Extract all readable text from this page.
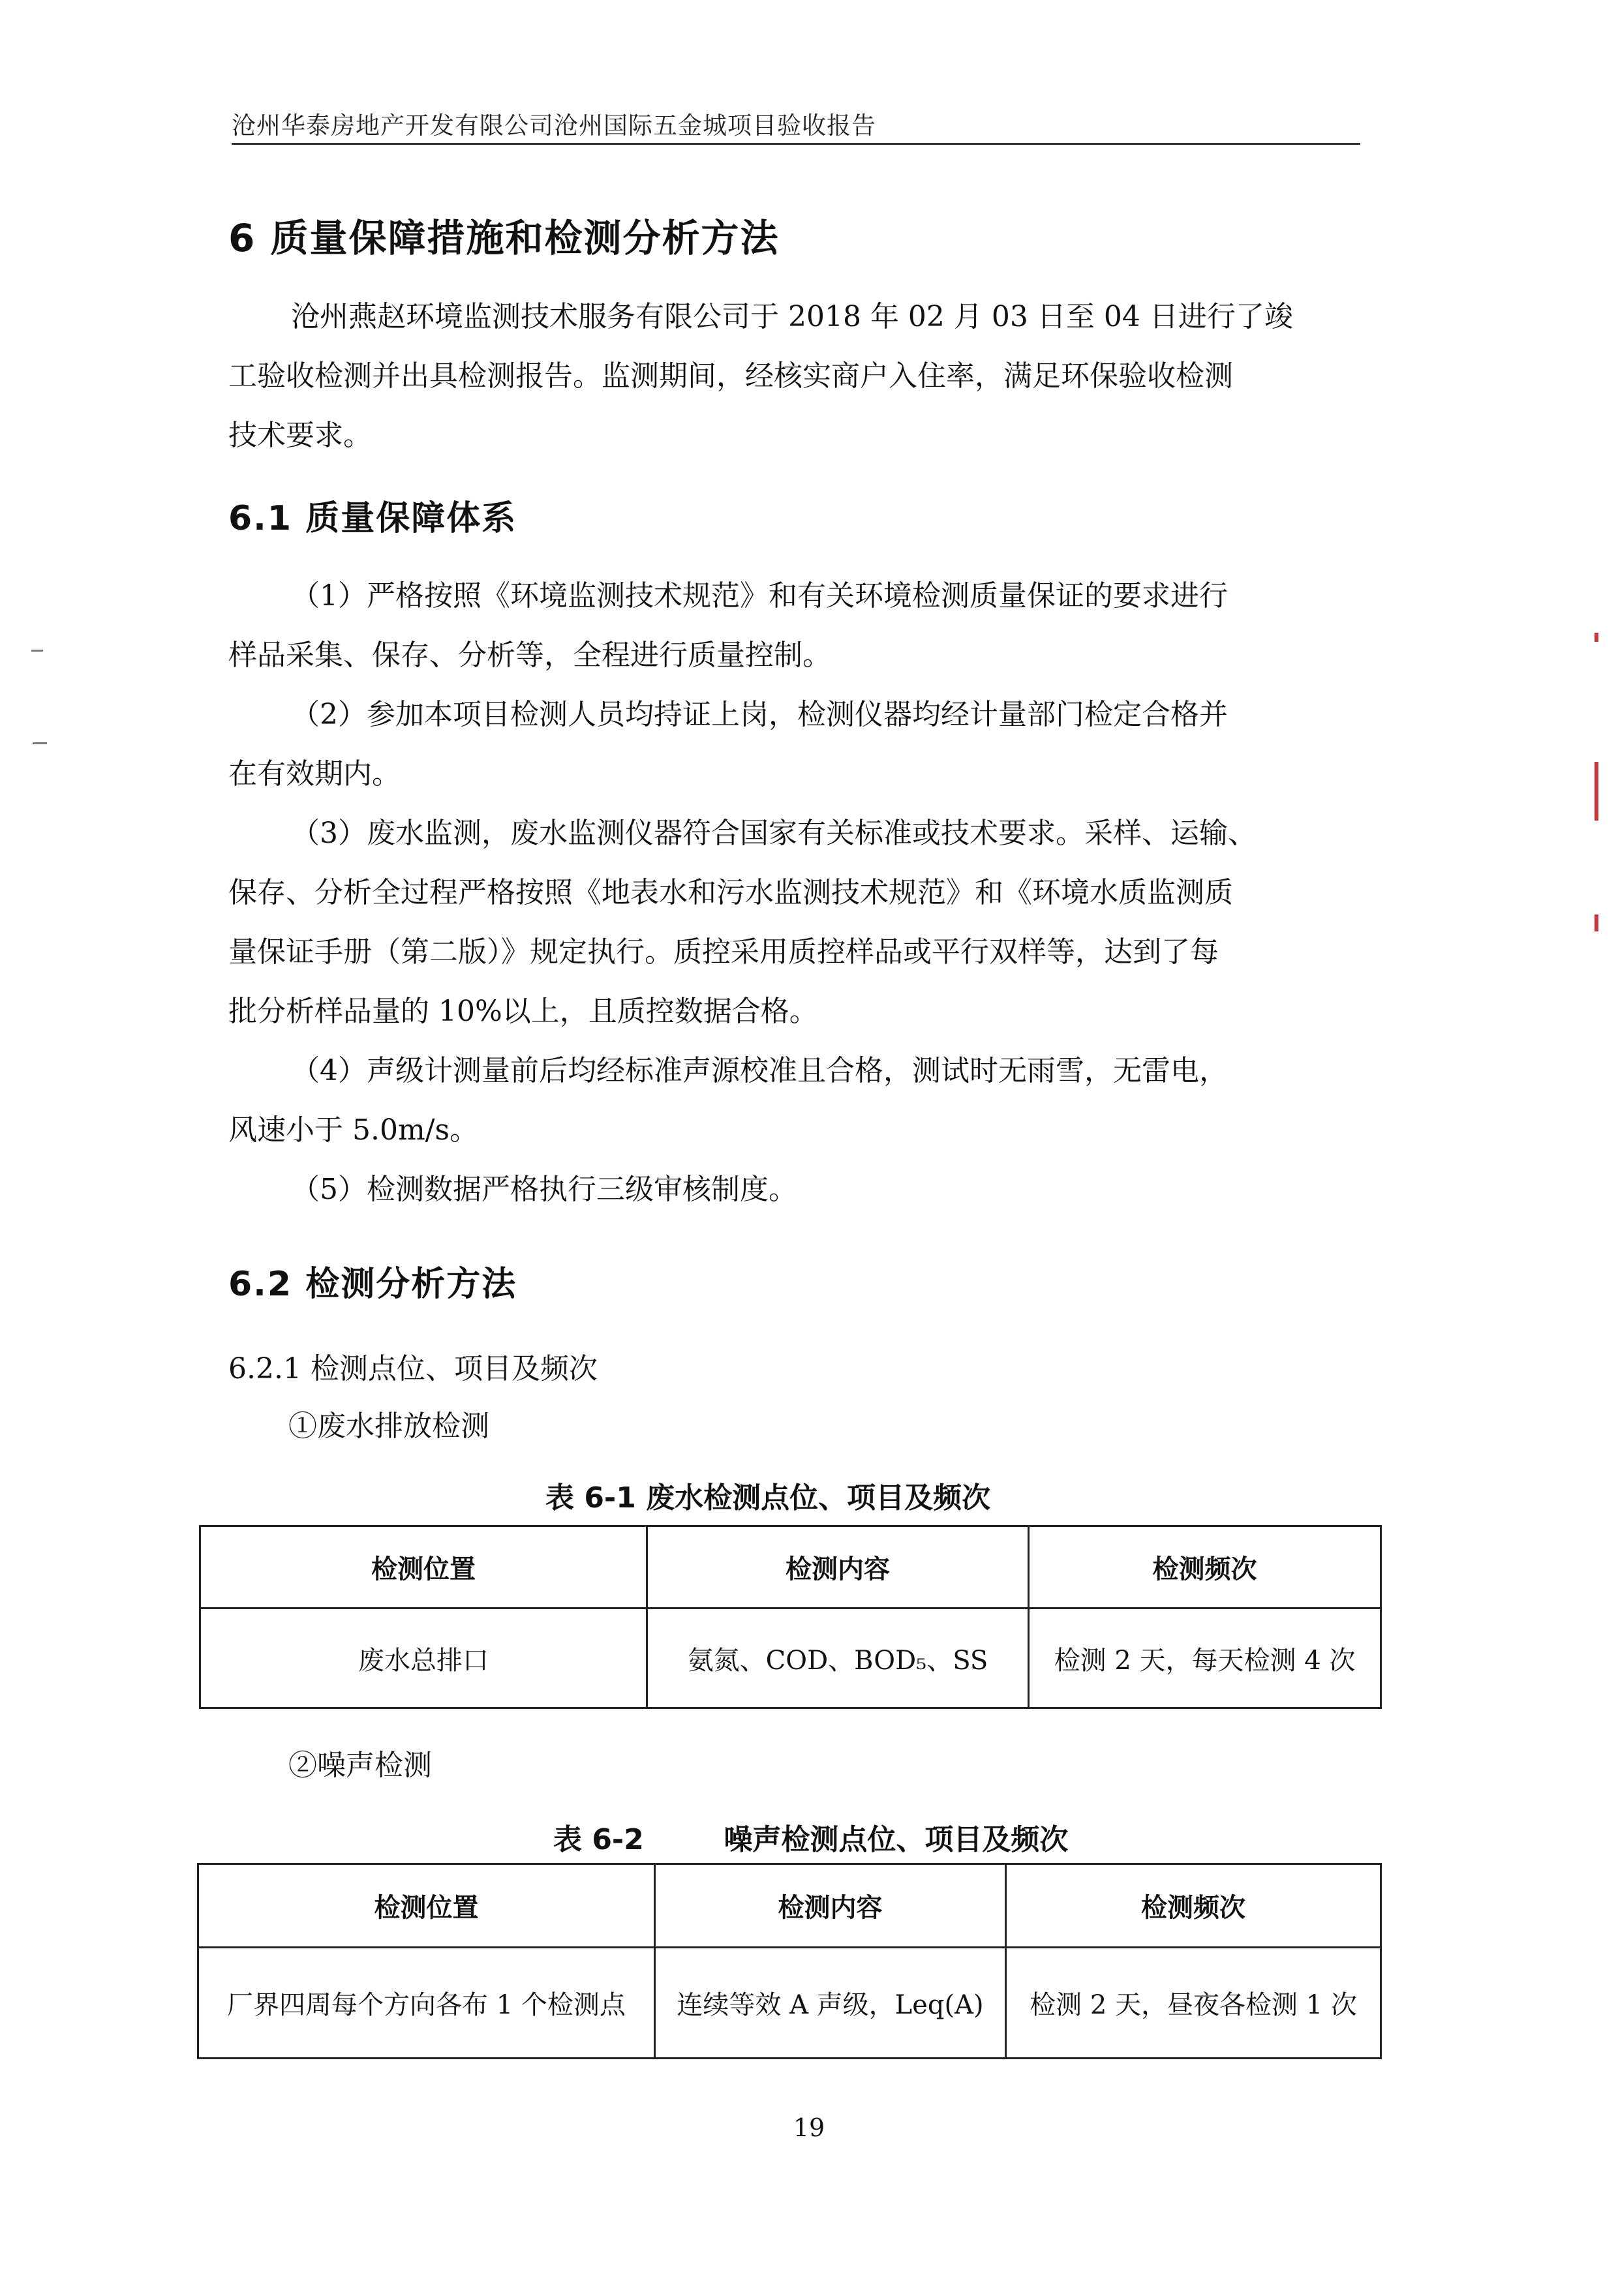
沧州华泰房地产开发有限公司沧州国际五金城项目验收报告
6 质量保障措施和检测分析方法
沧州燕赵环境监测技术服务有限公司于 2018 年 02 月 03 日至 04 日进行了竣
工验收检测并出具检测报告。监测期间，经核实商户入住率，满足环保验收检测
技术要求。
6.1 质量保障体系
（1）严格按照《环境监测技术规范》和有关环境检测质量保证的要求进行
样品采集、保存、分析等，全程进行质量控制。
（2）参加本项目检测人员均持证上岗，检测仪器均经计量部门检定合格并
在有效期内。
（3）废水监测，废水监测仪器符合国家有关标准或技术要求。采样、运输、
保存、分析全过程严格按照《地表水和污水监测技术规范》和《环境水质监测质
量保证手册（第二版）》规定执行。质控采用质控样品或平行双样等，达到了每
批分析样品量的 10%以上，且质控数据合格。
（4）声级计测量前后均经标准声源校准且合格，测试时无雨雪，无雷电，
风速小于 5.0m/s。
（5）检测数据严格执行三级审核制度。
6.2 检测分析方法
6.2.1 检测点位、项目及频次
①废水排放检测
表 6-1 废水检测点位、项目及频次
检测位置	检测内容	检测频次
废水总排口	氨氮、COD、BOD₅、SS	检测 2 天，每天检测 4 次
②噪声检测
表 6-2        噪声检测点位、项目及频次
检测位置	检测内容	检测频次
厂界四周每个方向各布 1 个检测点	连续等效 A 声级，Leq(A)	检测 2 天，昼夜各检测 1 次
19
